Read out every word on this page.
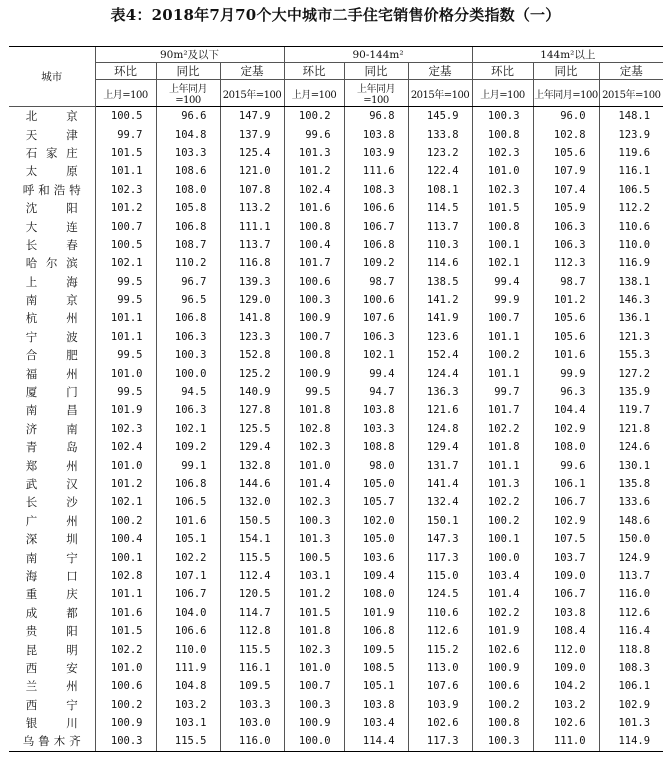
表4：2018年7月70个大中城市二手住宅销售价格分类指数（一）
城市	90m²及以下			90-144m²			144m²以上		
	环比	同比	定基	环比	同比	定基	环比	同比	定基
	上月=100	上年同月=100	2015年=100	上月=100	上年同月=100	2015年=100	上月=100	上年同月=100	2015年=100

北 京	100.5	96.6	147.9	100.2	96.8	145.9	100.3	96.0	148.1

天 津	99.7	104.8	137.9	99.6	103.8	133.8	100.8	102.8	123.9

石 家 庄	101.5	103.3	125.4	101.3	103.9	123.2	102.3	105.6	119.6

太 原	101.1	108.6	121.0	101.2	111.6	122.4	101.0	107.9	116.1

呼 和 浩 特	102.3	108.0	107.8	102.4	108.3	108.1	102.3	107.4	106.5

沈 阳	101.2	105.8	113.2	101.6	106.6	114.5	101.5	105.9	112.2

大 连	100.7	106.8	111.1	100.8	106.7	113.7	100.8	106.3	110.6

长 春	100.5	108.7	113.7	100.4	106.8	110.3	100.1	106.3	110.0

哈 尔 滨	102.1	110.2	116.8	101.7	109.2	114.6	102.1	112.3	116.9

上 海	99.5	96.7	139.3	100.6	98.7	138.5	99.4	98.7	138.1

南 京	99.5	96.5	129.0	100.3	100.6	141.2	99.9	101.2	146.3

杭 州	101.1	106.8	141.8	100.9	107.6	141.9	100.7	105.6	136.1

宁 波	101.1	106.3	123.3	100.7	106.3	123.6	101.1	105.6	121.3

合 肥	99.5	100.3	152.8	100.8	102.1	152.4	100.2	101.6	155.3

福 州	101.0	100.0	125.2	100.9	99.4	124.4	101.1	99.9	127.2

厦 门	99.5	94.5	140.9	99.5	94.7	136.3	99.7	96.3	135.9

南 昌	101.9	106.3	127.8	101.8	103.8	121.6	101.7	104.4	119.7

济 南	102.3	102.1	125.5	102.8	103.3	124.8	102.2	102.9	121.8

青 岛	102.4	109.2	129.4	102.3	108.8	129.4	101.8	108.0	124.6

郑 州	101.0	99.1	132.8	101.0	98.0	131.7	101.1	99.6	130.1

武 汉	101.2	106.8	144.6	101.4	105.0	141.4	101.3	106.1	135.8

长 沙	102.1	106.5	132.0	102.3	105.7	132.4	102.2	106.7	133.6

广 州	100.2	101.6	150.5	100.3	102.0	150.1	100.2	102.9	148.6

深 圳	100.4	105.1	154.1	101.3	105.0	147.3	100.1	107.5	150.0

南 宁	100.1	102.2	115.5	100.5	103.6	117.3	100.0	103.7	124.9

海 口	102.8	107.1	112.4	103.1	109.4	115.0	103.4	109.0	113.7

重 庆	101.1	106.7	120.5	101.2	108.0	124.5	101.4	106.7	116.0

成 都	101.6	104.0	114.7	101.5	101.9	110.6	102.2	103.8	112.6

贵 阳	101.5	106.6	112.8	101.8	106.8	112.6	101.9	108.4	116.4

昆 明	102.2	110.0	115.5	102.3	109.5	115.2	102.6	112.0	118.8

西 安	101.0	111.9	116.1	101.0	108.5	113.0	100.9	109.0	108.3

兰 州	100.6	104.8	109.5	100.7	105.1	107.6	100.6	104.2	106.1

西 宁	100.2	103.2	103.3	100.3	103.8	103.9	100.2	103.2	102.9

银 川	100.9	103.1	103.0	100.9	103.4	102.6	100.8	102.6	101.3

乌 鲁 木 齐	100.3	115.5	116.0	100.0	114.4	117.3	100.3	111.0	114.9
